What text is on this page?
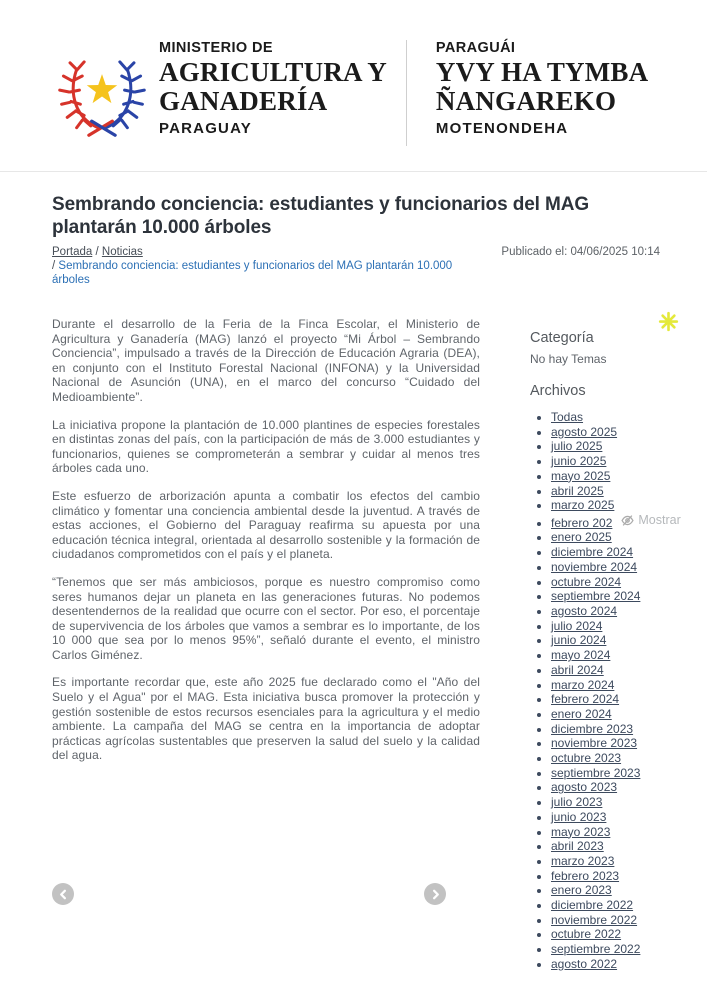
MINISTERIO DE
AGRICULTURA Y
GANADERÍA
PARAGUAY
PARAGUÁI
YVY HA TYMBA
ÑANGAREKO
MOTENONDEHA
Sembrando conciencia: estudiantes y funcionarios del MAG plantarán 10.000 árboles
Portada / Noticias
/ Sembrando conciencia: estudiantes y funcionarios del MAG plantarán 10.000 árboles
Publicado el: 04/06/2025 10:14

Durante el desarrollo de la Feria de la Finca Escolar, el Ministerio de Agricultura y Ganadería (MAG) lanzó el proyecto “Mi Árbol – Sembrando Conciencia”, impulsado a través de la Dirección de Educación Agraria (DEA), en conjunto con el Instituto Forestal Nacional (INFONA) y la Universidad Nacional de Asunción (UNA), en el marco del concurso “Cuidado del Medioambiente”.

La iniciativa propone la plantación de 10.000 plantines de especies forestales en distintas zonas del país, con la participación de más de 3.000 estudiantes y funcionarios, quienes se comprometerán a sembrar y cuidar al menos tres árboles cada uno.

Este esfuerzo de arborización apunta a combatir los efectos del cambio climático y fomentar una conciencia ambiental desde la juventud. A través de estas acciones, el Gobierno del Paraguay reafirma su apuesta por una educación técnica integral, orientada al desarrollo sostenible y la formación de ciudadanos comprometidos con el país y el planeta.

“Tenemos que ser más ambiciosos, porque es nuestro compromiso como seres humanos dejar un planeta en las generaciones futuras. No podemos desentendernos de la realidad que ocurre con el sector. Por eso, el porcentaje de supervivencia de los árboles que vamos a sembrar es lo importante, de los 10 000 que sea por lo menos 95%”, señaló durante el evento, el ministro Carlos Giménez.

Es importante recordar que, este año 2025 fue declarado como el "Año del Suelo y el Agua" por el MAG. Esta iniciativa busca promover la protección y gestión sostenible de estos recursos esenciales para la agricultura y el medio ambiente. La campaña del MAG se centra en la importancia de adoptar prácticas agrícolas sustentables que preserven la salud del suelo y la calidad del agua.

Categoría
No hay Temas
Archivos
• Todas
• agosto 2025
• julio 2025
• junio 2025
• mayo 2025
• abril 2025
• marzo 2025
• febrero 202 Mostrar
• enero 2025
• diciembre 2024
• noviembre 2024
• octubre 2024
• septiembre 2024
• agosto 2024
• julio 2024
• junio 2024
• mayo 2024
• abril 2024
• marzo 2024
• febrero 2024
• enero 2024
• diciembre 2023
• noviembre 2023
• octubre 2023
• septiembre 2023
• agosto 2023
• julio 2023
• junio 2023
• mayo 2023
• abril 2023
• marzo 2023
• febrero 2023
• enero 2023
• diciembre 2022
• noviembre 2022
• octubre 2022
• septiembre 2022
• agosto 2022
